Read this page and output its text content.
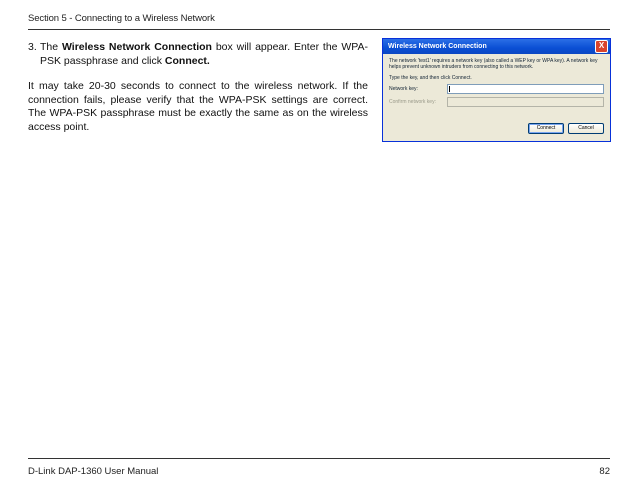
Section 5 - Connecting to a Wireless Network
3. The Wireless Network Connection box will appear. Enter the WPA-PSK passphrase and click Connect.
It may take 20-30 seconds to connect to the wireless network. If the connection fails, please verify that the WPA-PSK settings are correct. The WPA-PSK passphrase must be exactly the same as on the wireless access point.
Wireless Network Connection	X
The network 'test1' requires a network key (also called a WEP key or WPA key). A network key helps prevent unknown intruders from connecting to this network.
Type the key, and then click Connect.
Network key:
Confirm network key:
Connect	Cancel
D-Link DAP-1360 User Manual	82
